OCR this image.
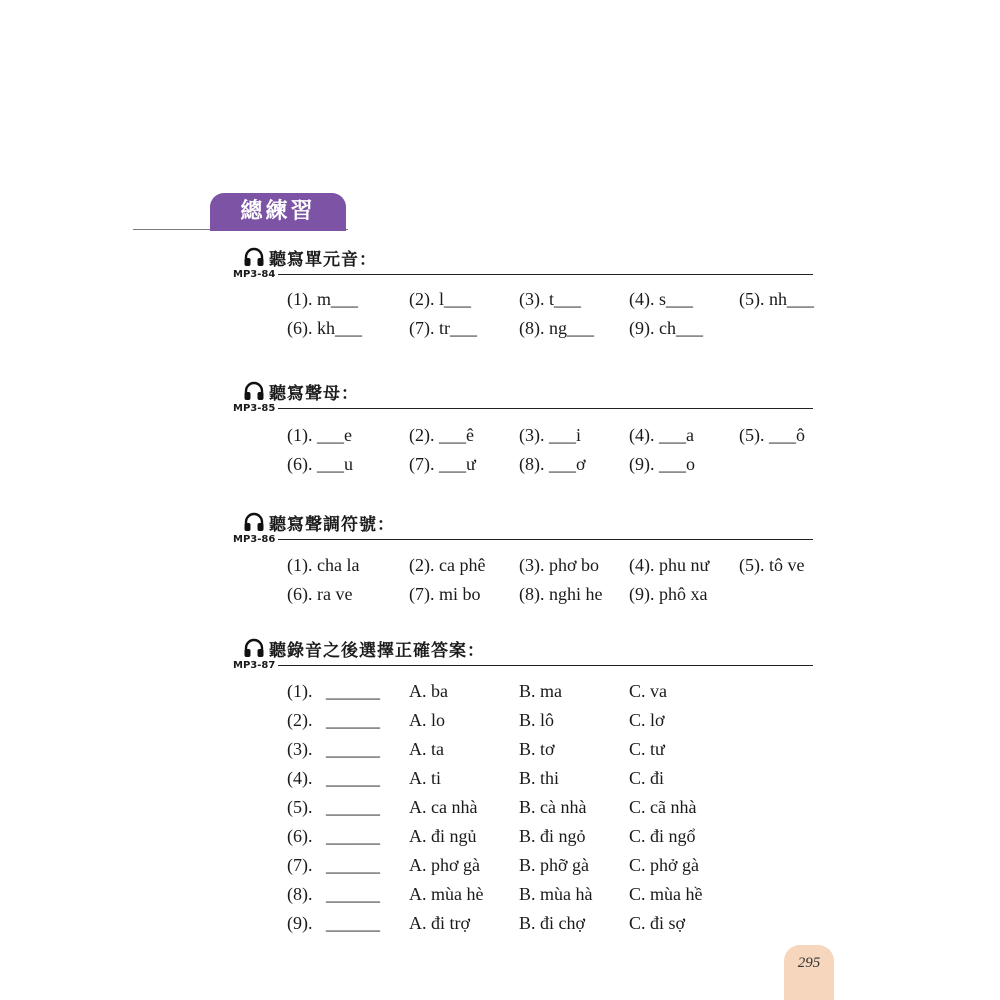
總練習
聽寫單元音：
MP3-84
(1). m___	(2). l___	(3). t___	(4). s___	(5). nh___
(6). kh___	(7). tr___ (8). ng___ (9). ch___
聽寫聲母：
MP3-85
(1). ___e	(2). ___ê	(3). ___i	(4). ___a	(5). ___ô
(6). ___u	(7). ___ư (8). ___ơ (9). ___o
聽寫聲調符號：
MP3-86
(1). cha la	(2). ca phê (3). phơ bo (4). phu nư (5). tô ve
(6). ra ve	(7). mi bo (8). nghi he (9). phô xa
聽錄音之後選擇正確答案：
MP3-87
(1). ______ A. ba	B. ma	C. va
(2). ______ A. lo	B. lô	C. lơ
(3). ______ A. ta	B. tơ	C. tư
(4). ______ A. ti	B. thi	C. đi
(5). ______ A. ca nhà B. cà nhà C. cã nhà
(6). ______ A. đi ngủ B. đi ngỏ C. đi ngổ
(7). ______ A. phơ gà B. phỡ gà C. phở gà
(8). ______ A. mùa hè B. mùa hà C. mùa hề
(9). ______ A. đi trợ	B. đi chợ C. đi sợ
295
